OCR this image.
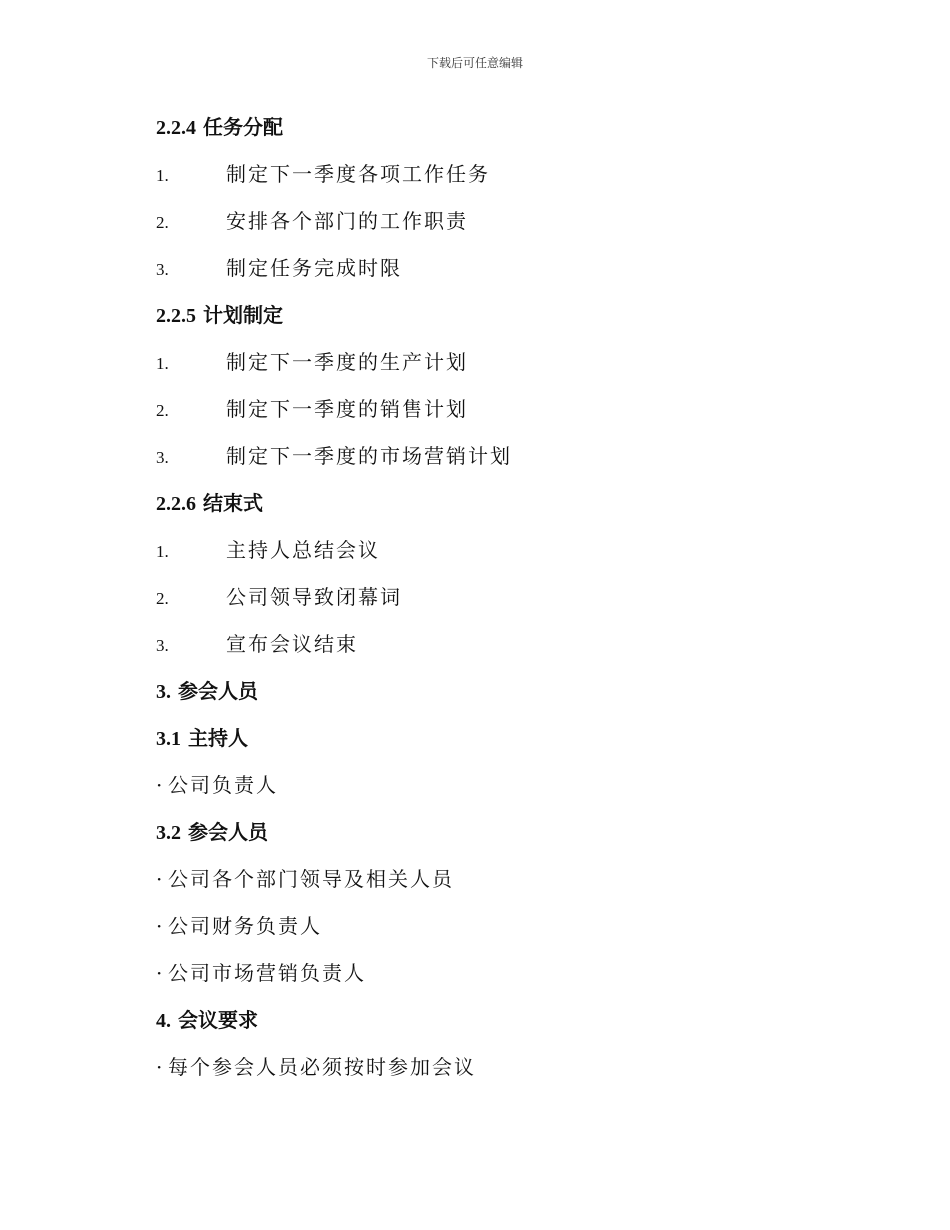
下载后可任意编辑
2.2.4 任务分配
1.	制定下一季度各项工作任务
2.	安排各个部门的工作职责
3.	制定任务完成时限
2.2.5 计划制定
1.	制定下一季度的生产计划
2.	制定下一季度的销售计划
3.	制定下一季度的市场营销计划
2.2.6 结束式
1.	主持人总结会议
2.	公司领导致闭幕词
3.	宣布会议结束
3. 参会人员
3.1 主持人
· 公司负责人
3.2 参会人员
· 公司各个部门领导及相关人员
· 公司财务负责人
· 公司市场营销负责人
4. 会议要求
· 每个参会人员必须按时参加会议
